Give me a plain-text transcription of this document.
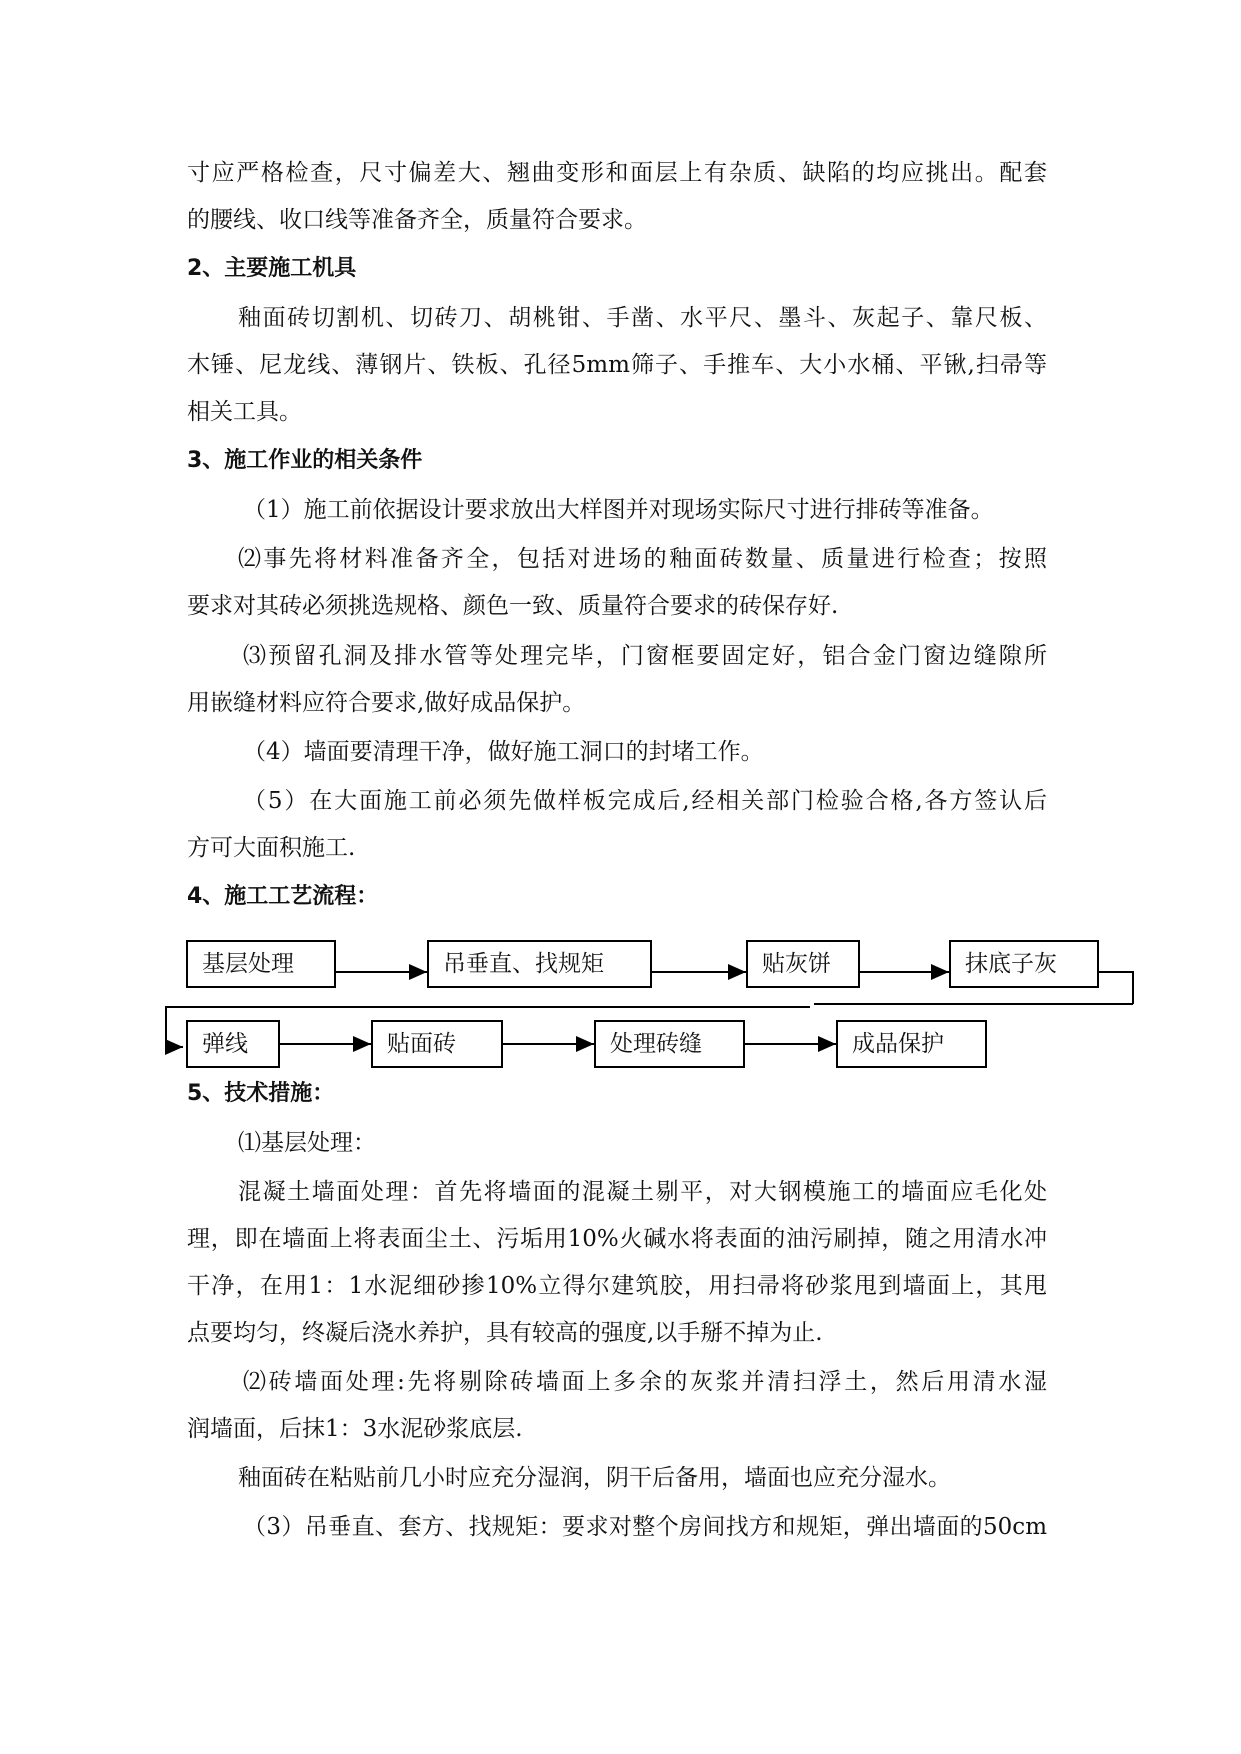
寸应严格检查，尺寸偏差大、翘曲变形和面层上有杂质、缺陷的均应挑出。配套
的腰线、收口线等准备齐全，质量符合要求。
2、主要施工机具
釉面砖切割机、切砖刀、胡桃钳、手凿、水平尺、墨斗、灰起子、靠尺板、
木锤、尼龙线、薄钢片、铁板、孔径5mm筛子、手推车、大小水桶、平锹,扫帚等
相关工具。
3、施工作业的相关条件
（1）施工前依据设计要求放出大样图并对现场实际尺寸进行排砖等准备。
⑵事先将材料准备齐全，包括对进场的釉面砖数量、质量进行检查；按照
要求对其砖必须挑选规格、颜色一致、质量符合要求的砖保存好.
⑶预留孔洞及排水管等处理完毕，门窗框要固定好，铝合金门窗边缝隙所
用嵌缝材料应符合要求,做好成品保护。
（4）墙面要清理干净，做好施工洞口的封堵工作。
（5）在大面施工前必须先做样板完成后,经相关部门检验合格,各方签认后
方可大面积施工.
4、施工工艺流程：
基层处理	吊垂直、找规矩	贴灰饼	抹底子灰
弹线	贴面砖	处理砖缝	成品保护
5、技术措施：
⑴基层处理：
混凝土墙面处理：首先将墙面的混凝土剔平，对大钢模施工的墙面应毛化处
理，即在墙面上将表面尘土、污垢用10%火碱水将表面的油污刷掉，随之用清水冲
干净，在用1：1水泥细砂掺10%立得尔建筑胶，用扫帚将砂浆甩到墙面上，其甩
点要均匀，终凝后浇水养护，具有较高的强度,以手掰不掉为止.
⑵砖墙面处理:先将剔除砖墙面上多余的灰浆并清扫浮土，然后用清水湿
润墙面，后抹1：3水泥砂浆底层.
釉面砖在粘贴前几小时应充分湿润，阴干后备用，墙面也应充分湿水。
（3）吊垂直、套方、找规矩：要求对整个房间找方和规矩，弹出墙面的50cm
